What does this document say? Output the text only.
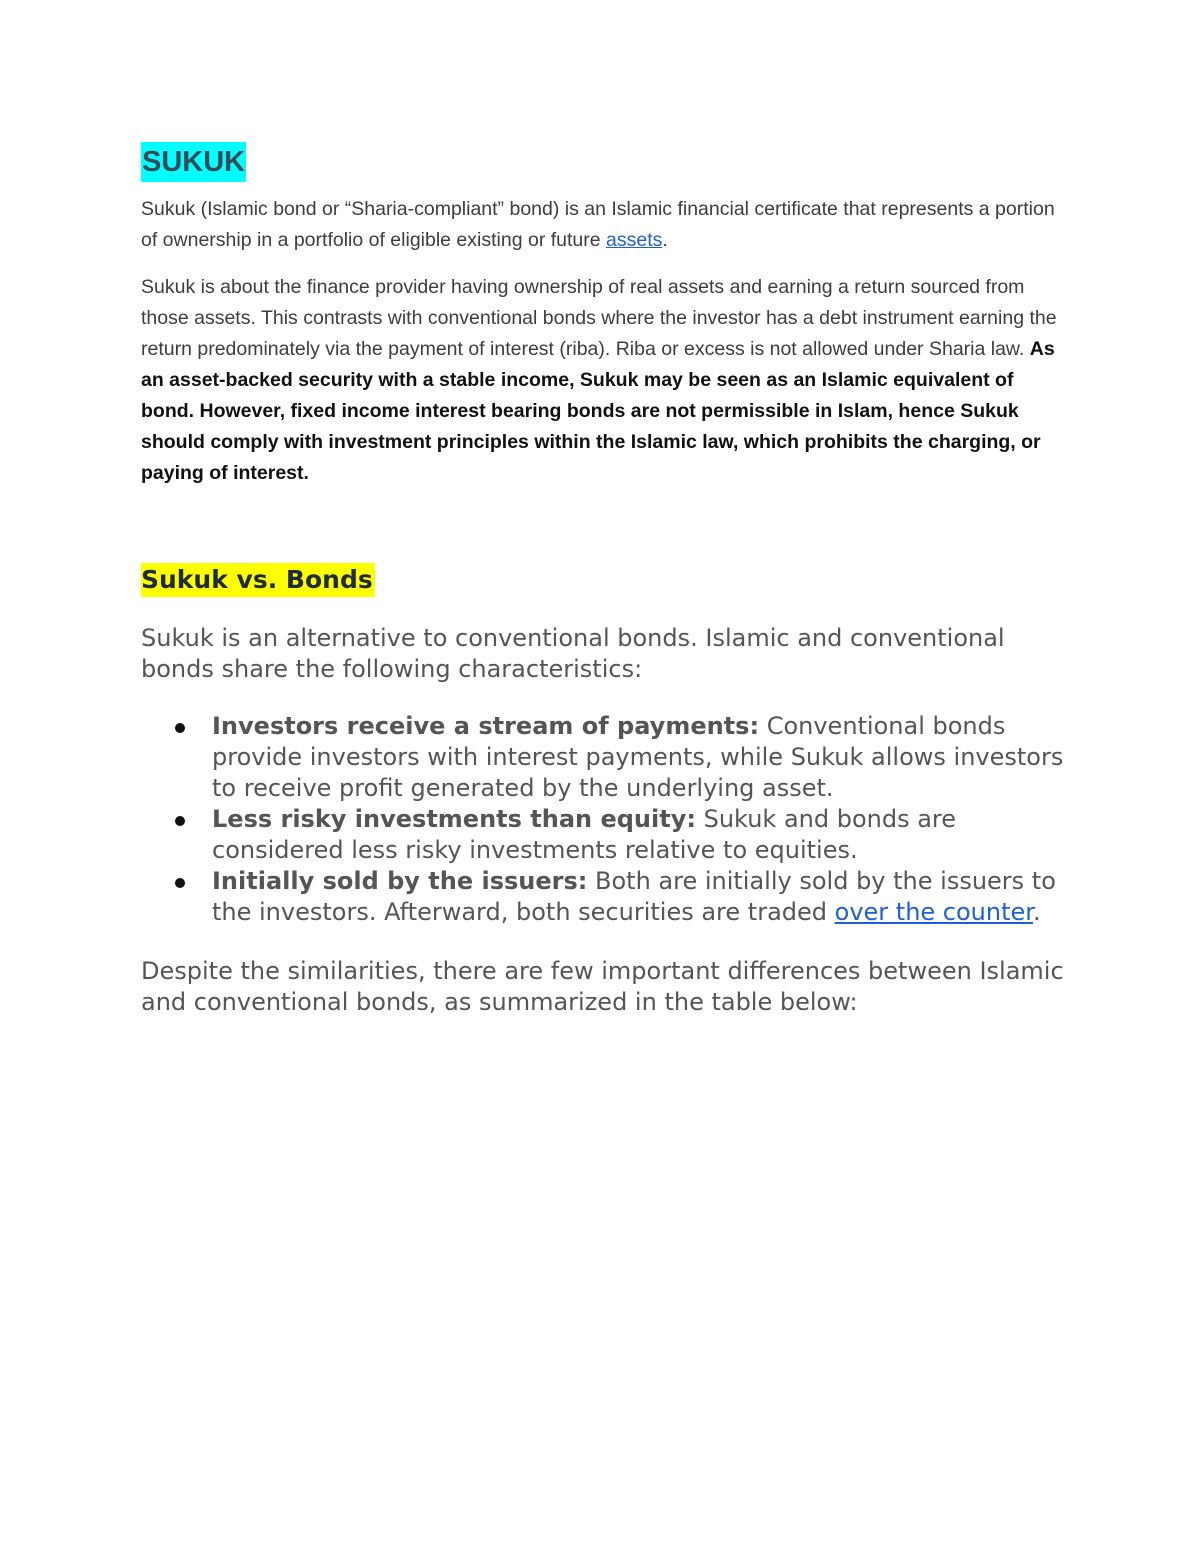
SUKUK

Sukuk (Islamic bond or “Sharia-compliant” bond) is an Islamic financial certificate that represents a portion of ownership in a portfolio of eligible existing or future assets.

Sukuk is about the finance provider having ownership of real assets and earning a return sourced from those assets. This contrasts with conventional bonds where the investor has a debt instrument earning the return predominately via the payment of interest (riba). Riba or excess is not allowed under Sharia law. As an asset-backed security with a stable income, Sukuk may be seen as an Islamic equivalent of bond. However, fixed income interest bearing bonds are not permissible in Islam, hence Sukuk should comply with investment principles within the Islamic law, which prohibits the charging, or paying of interest.

Sukuk vs. Bonds

Sukuk is an alternative to conventional bonds. Islamic and conventional bonds share the following characteristics:

Investors receive a stream of payments: Conventional bonds provide investors with interest payments, while Sukuk allows investors to receive profit generated by the underlying asset.
Less risky investments than equity: Sukuk and bonds are considered less risky investments relative to equities.
Initially sold by the issuers: Both are initially sold by the issuers to the investors. Afterward, both securities are traded over the counter.

Despite the similarities, there are few important differences between Islamic and conventional bonds, as summarized in the table below:
